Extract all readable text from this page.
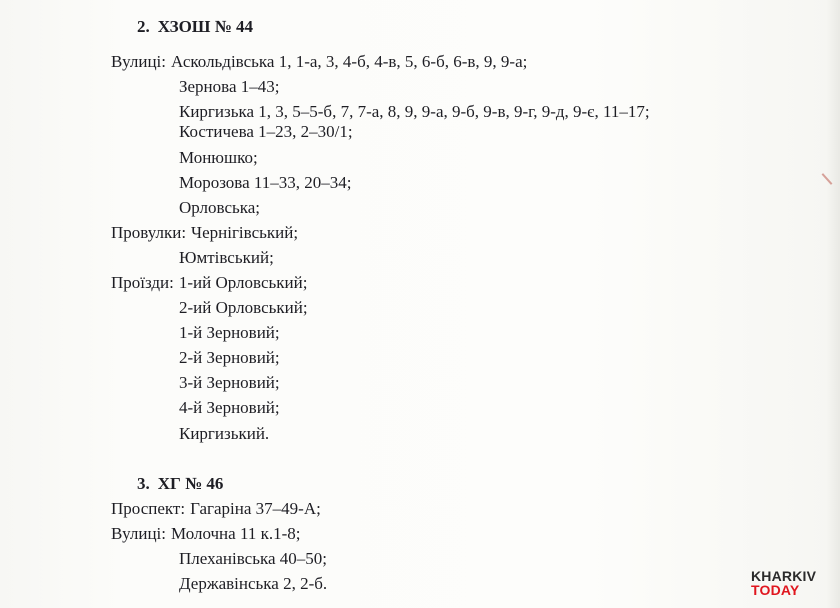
2. ХЗОШ № 44
Вулиці: Аскольдівська 1, 1-а, 3, 4-б, 4-в, 5, 6-б, 6-в, 9, 9-а;
Зернова 1–43;
Киргизька 1, 3, 5–5-б, 7, 7-а, 8, 9, 9-а, 9-б, 9-в, 9-г, 9-д, 9-є, 11–17;
Костичева 1–23, 2–30/1;
Монюшко;
Морозова 11–33, 20–34;
Орловська;
Провулки: Чернігівський;
Юмтівський;
Проїзди: 1-ий Орловський;
2-ий Орловський;
1-й Зерновий;
2-й Зерновий;
3-й Зерновий;
4-й Зерновий;
Киргизький.
3. ХГ № 46
Проспект: Гагаріна 37–49-А;
Вулиці: Молочна 11 к.1-8;
Плеханівська 40–50;
Державінська 2, 2-б.	KHARKIV
TODAY
